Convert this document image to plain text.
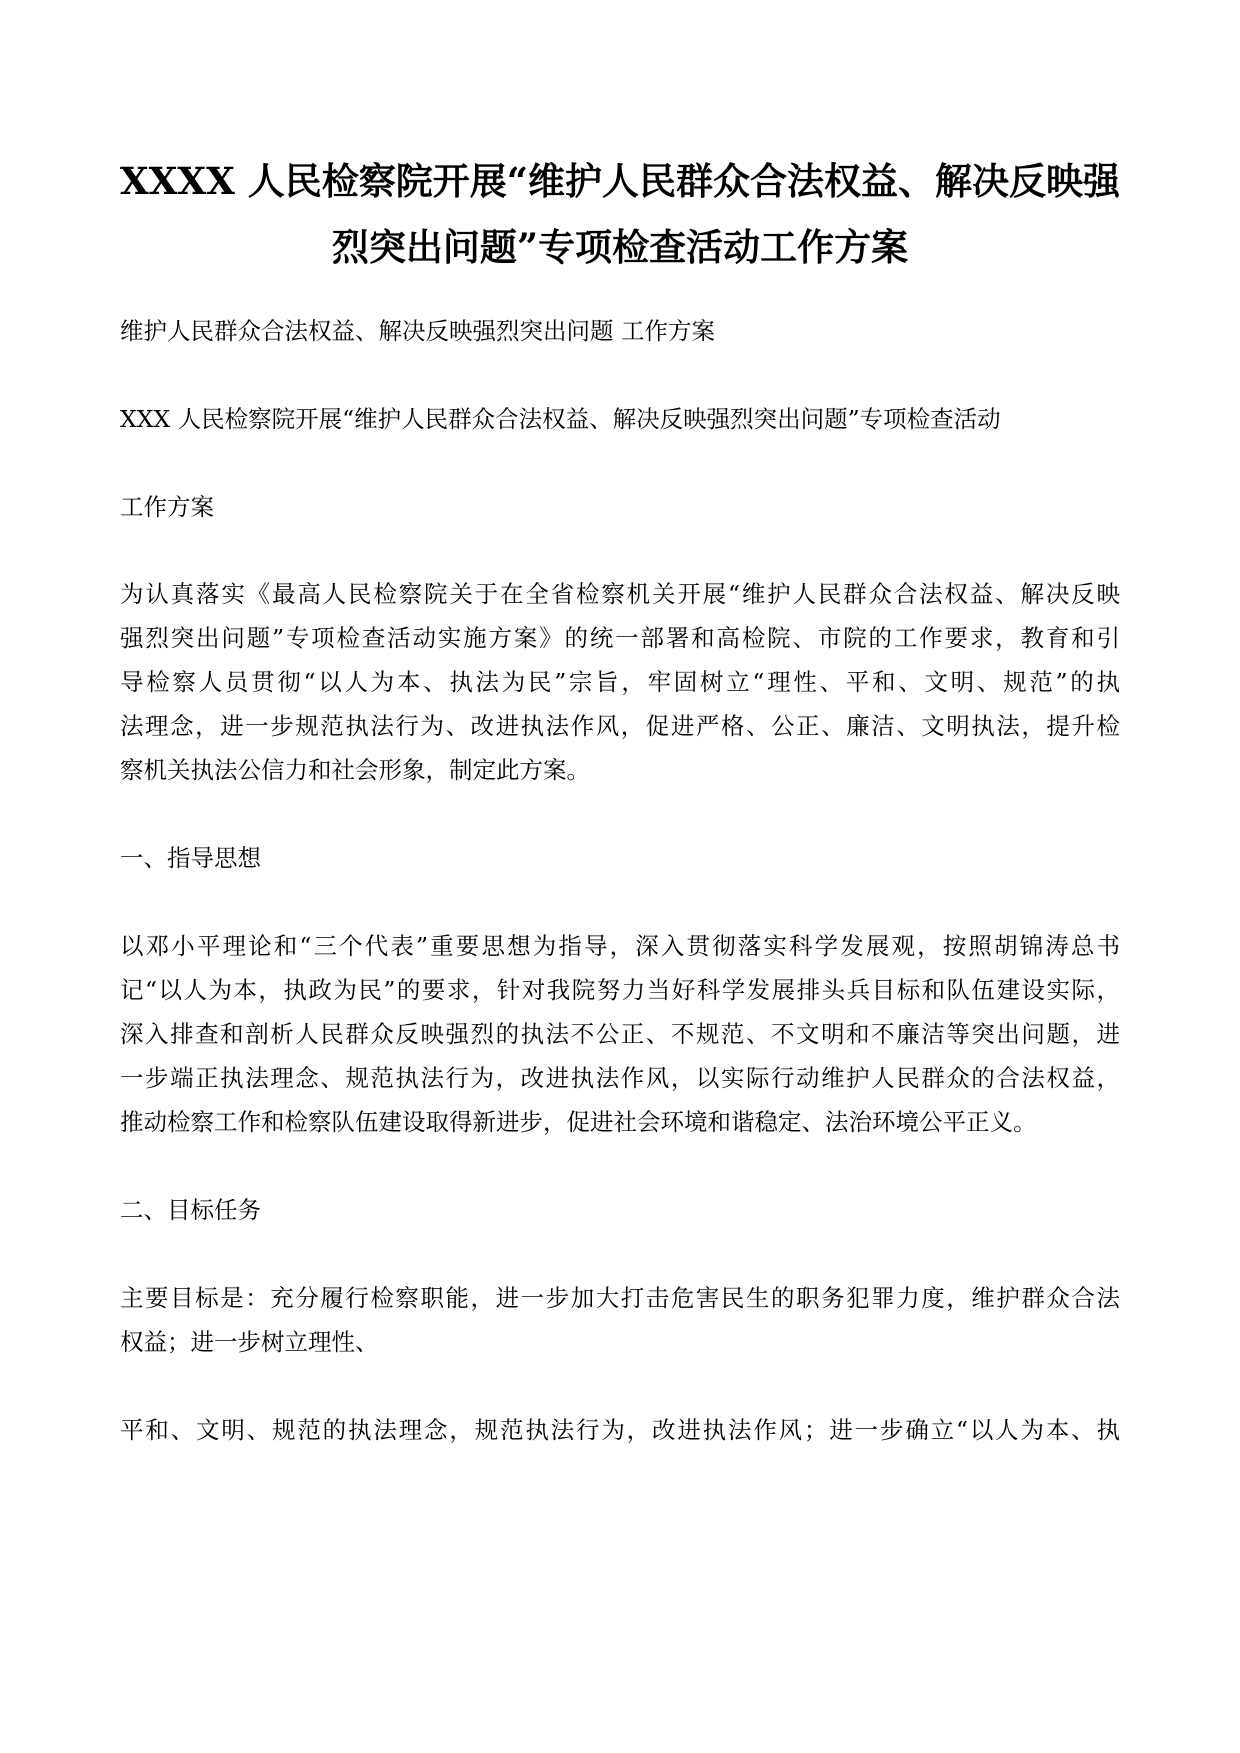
XXXX 人民检察院开展“维护人民群众合法权益、解决反映强
烈突出问题”专项检查活动工作方案

维护人民群众合法权益、解决反映强烈突出问题 工作方案

XXX 人民检察院开展“维护人民群众合法权益、解决反映强烈突出问题”专项检查活动

工作方案

为认真落实《最高人民检察院关于在全省检察机关开展“维护人民群众合法权益、解决反映
强烈突出问题”专项检查活动实施方案》的统一部署和高检院、市院的工作要求，教育和引
导检察人员贯彻“以人为本、执法为民”宗旨，牢固树立“理性、平和、文明、规范”的执
法理念，进一步规范执法行为、改进执法作风，促进严格、公正、廉洁、文明执法，提升检
察机关执法公信力和社会形象，制定此方案。

一、指导思想

以邓小平理论和“三个代表”重要思想为指导，深入贯彻落实科学发展观，按照胡锦涛总书
记“以人为本，执政为民”的要求，针对我院努力当好科学发展排头兵目标和队伍建设实际，
深入排查和剖析人民群众反映强烈的执法不公正、不规范、不文明和不廉洁等突出问题，进
一步端正执法理念、规范执法行为，改进执法作风，以实际行动维护人民群众的合法权益，
推动检察工作和检察队伍建设取得新进步，促进社会环境和谐稳定、法治环境公平正义。

二、目标任务

主要目标是：充分履行检察职能，进一步加大打击危害民生的职务犯罪力度，维护群众合法
权益；进一步树立理性、

平和、文明、规范的执法理念，规范执法行为，改进执法作风；进一步确立“以人为本、执
